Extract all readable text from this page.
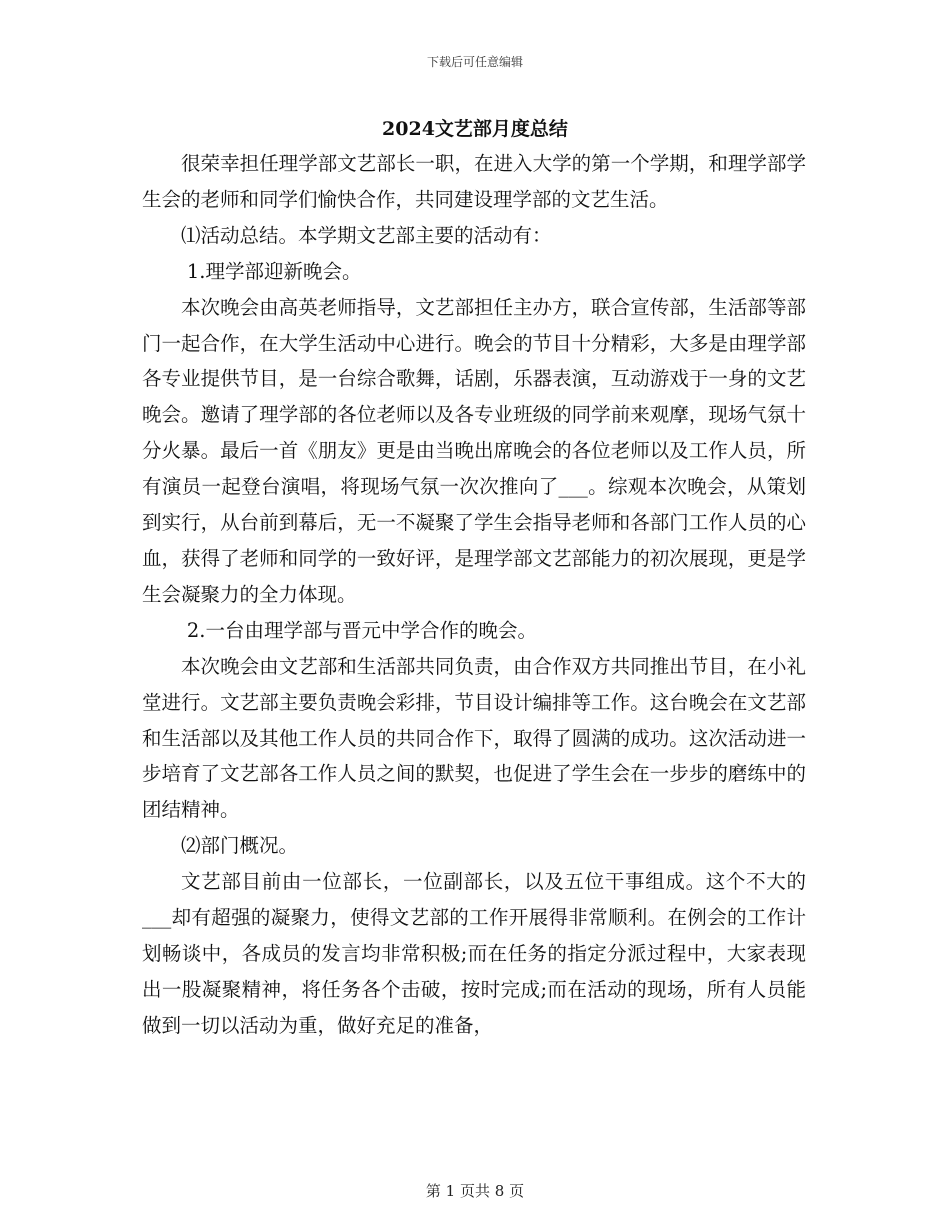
下载后可任意编辑
2024文艺部月度总结

很荣幸担任理学部文艺部长一职，在进入大学的第一个学期，和理学部学生会的老师和同学们愉快合作，共同建设理学部的文艺生活。

⑴活动总结。本学期文艺部主要的活动有：

1.理学部迎新晚会。

本次晚会由高英老师指导，文艺部担任主办方，联合宣传部，生活部等部门一起合作，在大学生活动中心进行。晚会的节目十分精彩，大多是由理学部各专业提供节目，是一台综合歌舞，话剧，乐器表演，互动游戏于一身的文艺晚会。邀请了理学部的各位老师以及各专业班级的同学前来观摩，现场气氛十分火暴。最后一首《朋友》更是由当晚出席晚会的各位老师以及工作人员，所有演员一起登台演唱，将现场气氛一次次推向了___。综观本次晚会，从策划到实行，从台前到幕后，无一不凝聚了学生会指导老师和各部门工作人员的心血，获得了老师和同学的一致好评，是理学部文艺部能力的初次展现，更是学生会凝聚力的全力体现。

2.一台由理学部与晋元中学合作的晚会。

本次晚会由文艺部和生活部共同负责，由合作双方共同推出节目，在小礼堂进行。文艺部主要负责晚会彩排，节目设计编排等工作。这台晚会在文艺部和生活部以及其他工作人员的共同合作下，取得了圆满的成功。这次活动进一步培育了文艺部各工作人员之间的默契，也促进了学生会在一步步的磨练中的团结精神。

⑵部门概况。

文艺部目前由一位部长，一位副部长，以及五位干事组成。这个不大的___却有超强的凝聚力，使得文艺部的工作开展得非常顺利。在例会的工作计划畅谈中，各成员的发言均非常积极;而在任务的指定分派过程中，大家表现出一股凝聚精神，将任务各个击破，按时完成;而在活动的现场，所有人员能做到一切以活动为重，做好充足的准备，

第 1 页共 8 页
